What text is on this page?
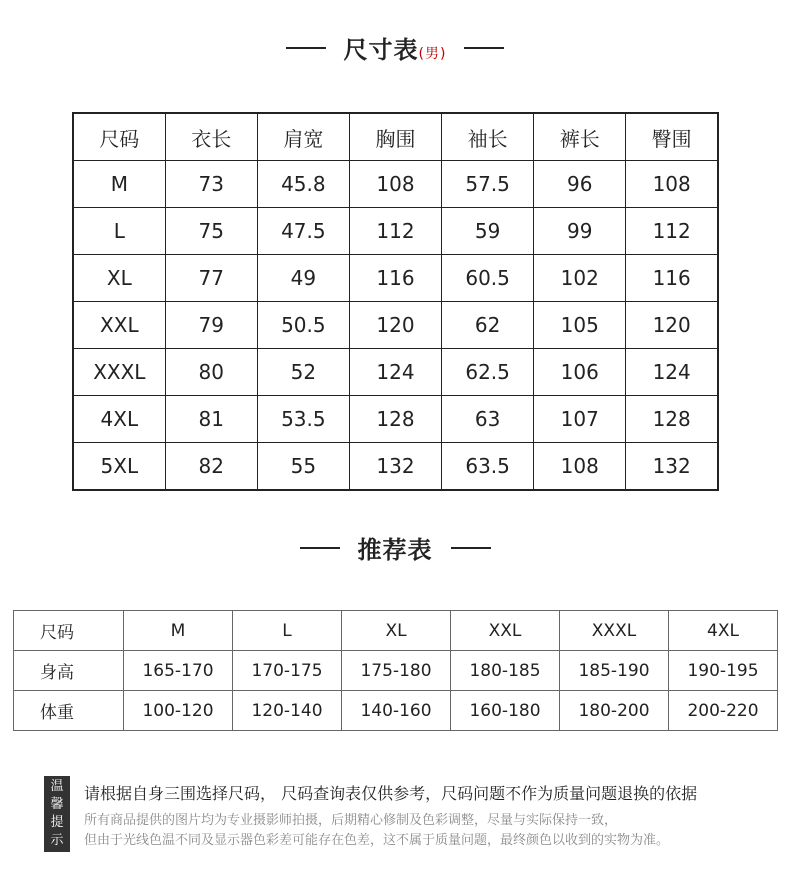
尺寸表(男)
尺码	衣长	肩宽	胸围	袖长	裤长	臀围
M	73	45.8	108	57.5	96	108
L	75	47.5	112	59	99	112
XL	77	49	116	60.5	102	116
XXL	79	50.5	120	62	105	120
XXXL	80	52	124	62.5	106	124
4XL	81	53.5	128	63	107	128
5XL	82	55	132	63.5	108	132
推荐表
尺码	M	L	XL	XXL	XXXL	4XL
身高	165-170	170-175	175-180	180-185	185-190	190-195
体重	100-120	120-140	140-160	160-180	180-200	200-220
温
馨
提
示
请根据自身三围选择尺码， 尺码查询表仅供参考，尺码问题不作为质量问题退换的依据
所有商品提供的图片均为专业摄影师拍摄，后期精心修制及色彩调整，尽量与实际保持一致，
但由于光线色温不同及显示器色彩差可能存在色差，这不属于质量问题，最终颜色以收到的实物为准。
